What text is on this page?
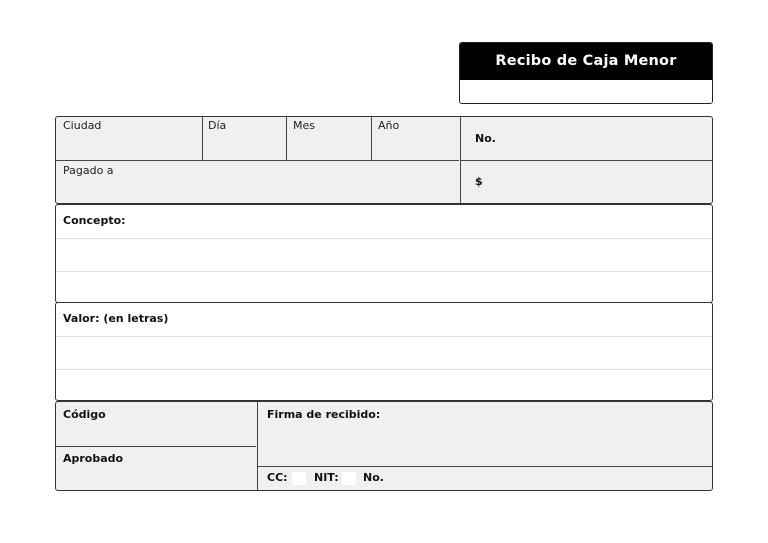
Recibo de Caja Menor
Ciudad	Día	Mes	Año
No.
Pagado a
$
Concepto:
Valor: (en letras)
Código
Aprobado
Firma de recibido:
CC: NIT: No.
